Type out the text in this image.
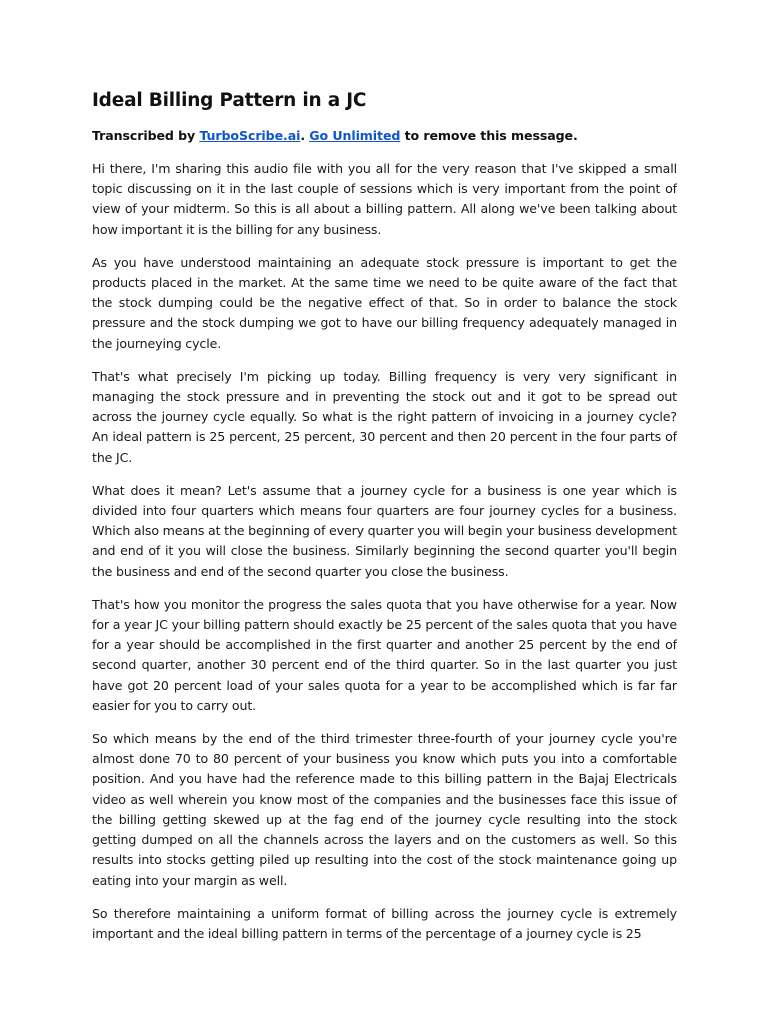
Ideal Billing Pattern in a JC

Transcribed by TurboScribe.ai. Go Unlimited to remove this message.

Hi there, I'm sharing this audio file with you all for the very reason that I've skipped a small topic discussing on it in the last couple of sessions which is very important from the point of view of your midterm. So this is all about a billing pattern. All along we've been talking about how important it is the billing for any business.

As you have understood maintaining an adequate stock pressure is important to get the products placed in the market. At the same time we need to be quite aware of the fact that the stock dumping could be the negative effect of that. So in order to balance the stock pressure and the stock dumping we got to have our billing frequency adequately managed in the journeying cycle.

That's what precisely I'm picking up today. Billing frequency is very very significant in managing the stock pressure and in preventing the stock out and it got to be spread out across the journey cycle equally. So what is the right pattern of invoicing in a journey cycle? An ideal pattern is 25 percent, 25 percent, 30 percent and then 20 percent in the four parts of the JC.

What does it mean? Let's assume that a journey cycle for a business is one year which is divided into four quarters which means four quarters are four journey cycles for a business. Which also means at the beginning of every quarter you will begin your business development and end of it you will close the business. Similarly beginning the second quarter you'll begin the business and end of the second quarter you close the business.

That's how you monitor the progress the sales quota that you have otherwise for a year. Now for a year JC your billing pattern should exactly be 25 percent of the sales quota that you have for a year should be accomplished in the first quarter and another 25 percent by the end of second quarter, another 30 percent end of the third quarter. So in the last quarter you just have got 20 percent load of your sales quota for a year to be accomplished which is far far easier for you to carry out.

So which means by the end of the third trimester three-fourth of your journey cycle you're almost done 70 to 80 percent of your business you know which puts you into a comfortable position. And you have had the reference made to this billing pattern in the Bajaj Electricals video as well wherein you know most of the companies and the businesses face this issue of the billing getting skewed up at the fag end of the journey cycle resulting into the stock getting dumped on all the channels across the layers and on the customers as well. So this results into stocks getting piled up resulting into the cost of the stock maintenance going up eating into your margin as well.

So therefore maintaining a uniform format of billing across the journey cycle is extremely important and the ideal billing pattern in terms of the percentage of a journey cycle is 25
